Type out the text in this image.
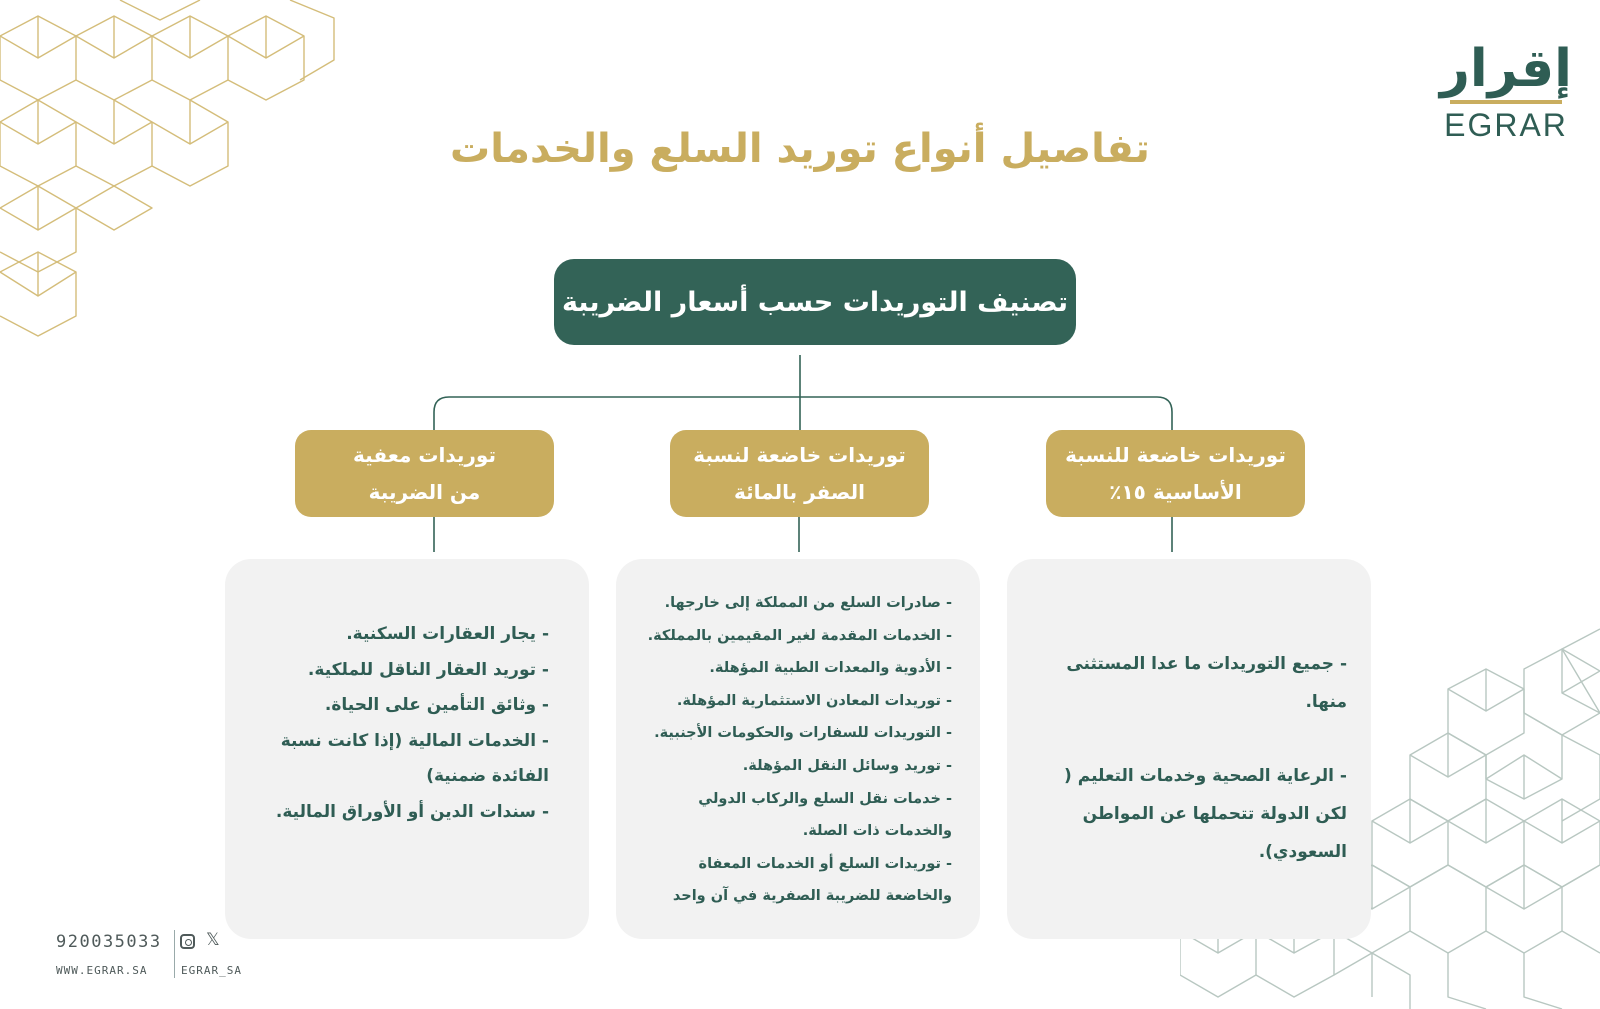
إقرار
EGRAR
تفاصيل أنواع توريد السلع والخدمات
تصنيف التوريدات حسب أسعار الضريبة
توريدات خاضعة للنسبة
الأساسية ١٥٪
توريدات خاضعة لنسبة
الصفر بالمائة
توريدات معفية
من الضريبة
- جميع التوريدات ما عدا المستثنى منها.
- الرعاية الصحية وخدمات التعليم ( لكن الدولة تتحملها عن المواطن السعودي).
- صادرات السلع من المملكة إلى خارجها.
- الخدمات المقدمة لغير المقيمين بالمملكة.
- الأدوية والمعدات الطبية المؤهلة.
- توريدات المعادن الاستثمارية المؤهلة.
- التوريدات للسفارات والحكومات الأجنبية.
- توريد وسائل النقل المؤهلة.
- خدمات نقل السلع والركاب الدولي والخدمات ذات الصلة.
- توريدات السلع أو الخدمات المعفاة والخاضعة للضريبة الصفرية في آن واحد
- يجار العقارات السكنية.
- توريد العقار الناقل للملكية.
- وثائق التأمين على الحياة.
- الخدمات المالية (إذا كانت نسبة الفائدة ضمنية)
- سندات الدين أو الأوراق المالية.
920035033
WWW.EGRAR.SA
𝕏
EGRAR_SA
